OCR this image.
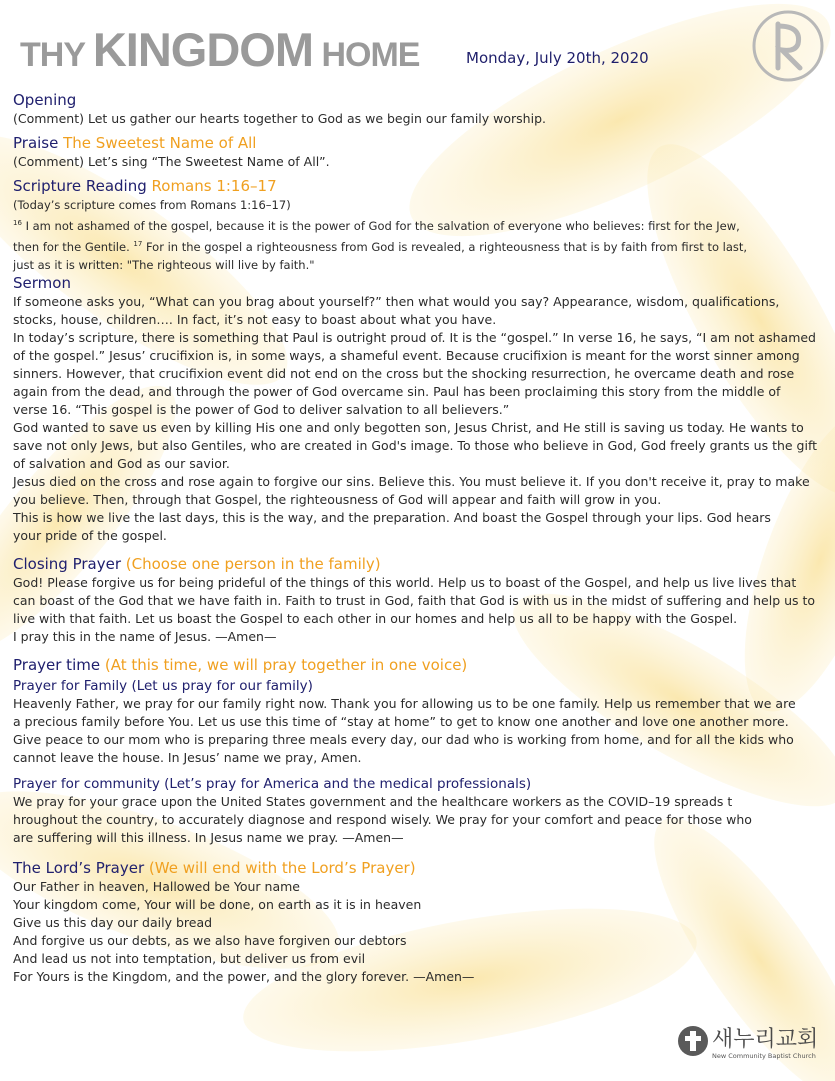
THY KINGDOM HOME	Monday, July 20th, 2020
Opening
(Comment) Let us gather our hearts together to God as we begin our family worship.
Praise The Sweetest Name of All
(Comment) Let’s sing “The Sweetest Name of All”.
Scripture Reading Romans 1:16–17
(Today’s scripture comes from Romans 1:16–17)
$^{16}$ I am not ashamed of the gospel, because it is the power of God for the salvation of everyone who believes: first for the Jew,
then for the Gentile. $^{17}$ For in the gospel a righteousness from God is revealed, a righteousness that is by faith from first to last,
just as it is written: "The righteous will live by faith."
Sermon
If someone asks you, “What can you brag about yourself?” then what would you say? Appearance, wisdom, qualifications,
stocks, house, children…. In fact, it’s not easy to boast about what you have.
In today’s scripture, there is something that Paul is outright proud of. It is the “gospel.” In verse 16, he says, “I am not ashamed
of the gospel.” Jesus’ crucifixion is, in some ways, a shameful event. Because crucifixion is meant for the worst sinner among
sinners. However, that crucifixion event did not end on the cross but the shocking resurrection, he overcame death and rose
again from the dead, and through the power of God overcame sin. Paul has been proclaiming this story from the middle of
verse 16. “This gospel is the power of God to deliver salvation to all believers.”
God wanted to save us even by killing His one and only begotten son, Jesus Christ, and He still is saving us today. He wants to
save not only Jews, but also Gentiles, who are created in God's image. To those who believe in God, God freely grants us the gift
of salvation and God as our savior.
Jesus died on the cross and rose again to forgive our sins. Believe this. You must believe it. If you don't receive it, pray to make
you believe. Then, through that Gospel, the righteousness of God will appear and faith will grow in you.
This is how we live the last days, this is the way, and the preparation. And boast the Gospel through your lips. God hears
your pride of the gospel.
Closing Prayer (Choose one person in the family)
God! Please forgive us for being prideful of the things of this world. Help us to boast of the Gospel, and help us live lives that
can boast of the God that we have faith in. Faith to trust in God, faith that God is with us in the midst of suffering and help us to
live with that faith. Let us boast the Gospel to each other in our homes and help us all to be happy with the Gospel.
I pray this in the name of Jesus. —Amen—
Prayer time (At this time, we will pray together in one voice)
Prayer for Family (Let us pray for our family)
Heavenly Father, we pray for our family right now. Thank you for allowing us to be one family. Help us remember that we are
a precious family before You. Let us use this time of “stay at home” to get to know one another and love one another more.
Give peace to our mom who is preparing three meals every day, our dad who is working from home, and for all the kids who
cannot leave the house. In Jesus’ name we pray, Amen.
Prayer for community (Let’s pray for America and the medical professionals)
We pray for your grace upon the United States government and the healthcare workers as the COVID–19 spreads t
hroughout the country, to accurately diagnose and respond wisely. We pray for your comfort and peace for those who
are suffering will this illness. In Jesus name we pray. —Amen—
The Lord’s Prayer (We will end with the Lord’s Prayer)
Our Father in heaven, Hallowed be Your name
Your kingdom come, Your will be done, on earth as it is in heaven
Give us this day our daily bread
And forgive us our debts, as we also have forgiven our debtors
And lead us not into temptation, but deliver us from evil
For Yours is the Kingdom, and the power, and the glory forever. —Amen—
새누리교회
New Community Baptist Church
